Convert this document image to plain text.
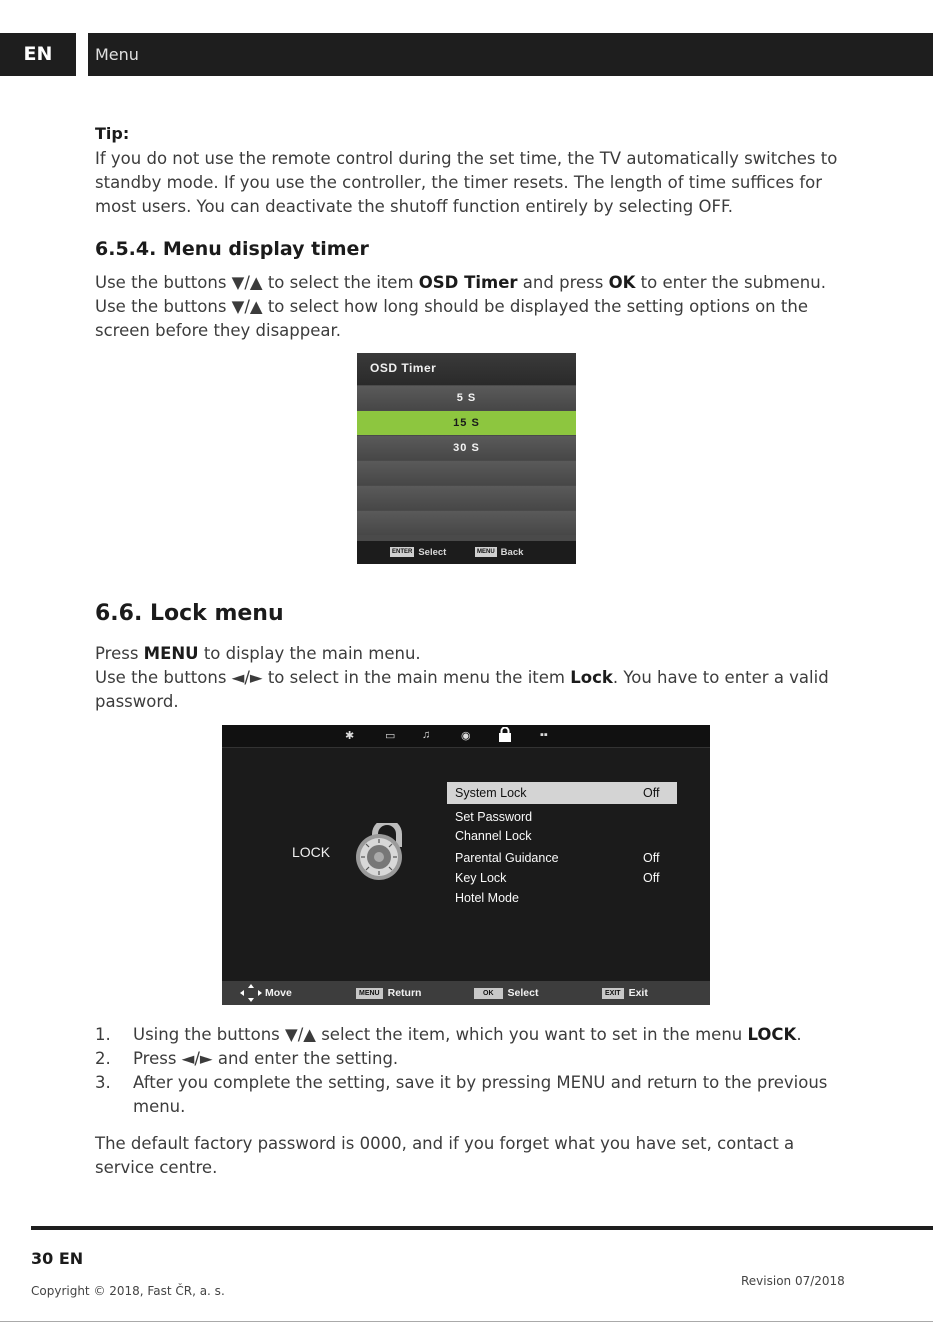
EN	Menu
Tip:
If you do not use the remote control during the set time, the TV automatically switches to standby mode. If you use the controller, the timer resets. The length of time suffices for most users. You can deactivate the shutoff function entirely by selecting OFF.
6.5.4. Menu display timer
Use the buttons ▼/▲ to select the item OSD Timer and press OK to enter the submenu.
Use the buttons ▼/▲ to select how long should be displayed the setting options on the screen before they disappear.
OSD Timer
5 S
15 S
30 S
ENTER Select	MENU Back
6.6. Lock menu
Press MENU to display the main menu.
Use the buttons ◄/► to select in the main menu the item Lock. You have to enter a valid password.
✱	▭ ♫	◉	▪▪
LOCK
System Lock	Off
Set Password
Channel Lock
Parental Guidance	Off
Key Lock	Off
Hotel Mode
Move	MENU Return	OK Select	EXIT Exit
1. Using the buttons ▼/▲ select the item, which you want to set in the menu LOCK.
2. Press ◄/► and enter the setting.
3. After you complete the setting, save it by pressing MENU and return to the previous menu.
The default factory password is 0000, and if you forget what you have set, contact a service centre.
30 EN
Copyright © 2018, Fast ČR, a. s.
Revision 07/2018
